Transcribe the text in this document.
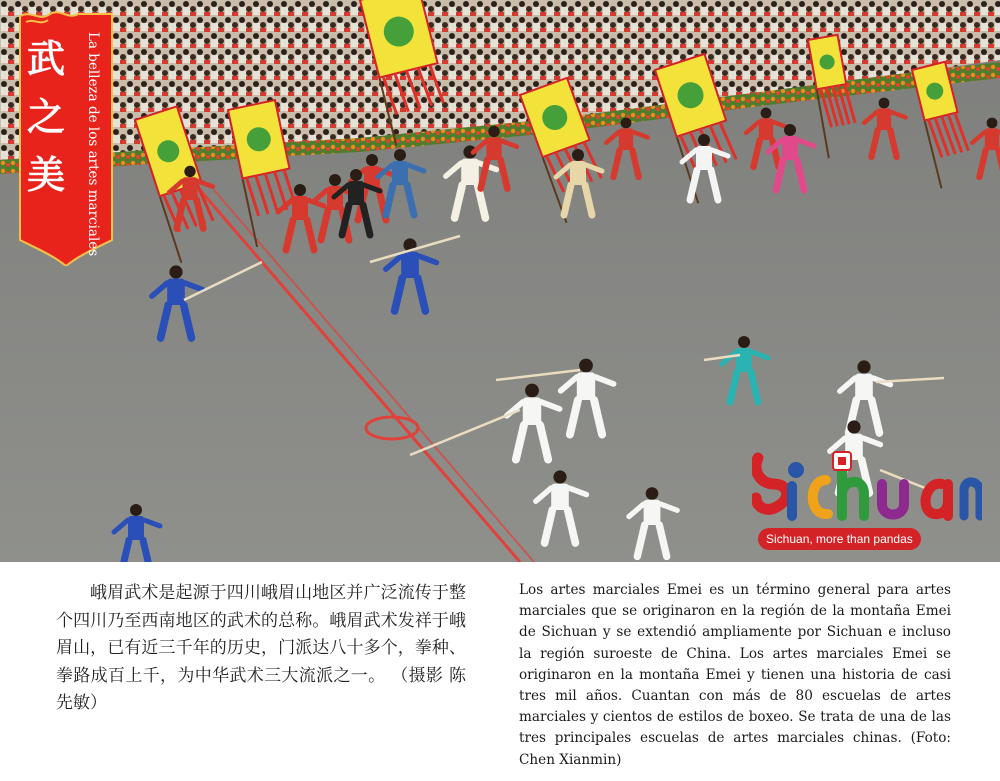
武
之
美	La belleza de los artes marciales
Sichuan, more than pandas

峨眉武术是起源于四川峨眉山地区并广泛流传于整个四川乃至西南地区的武术的总称。峨眉武术发祥于峨眉山，已有近三千年的历史，门派达八十多个，拳种、拳路成百上千，为中华武术三大流派之一。 （摄影 陈先敏）

Los artes marciales Emei es un término general para artes marciales que se originaron en la región de la montaña Emei de Sichuan y se extendió ampliamente por Sichuan e incluso la región suroeste de China. Los artes marciales Emei se originaron en la montaña Emei y tienen una historia de casi tres mil años. Cuantan con más de 80 escuelas de artes marciales y cientos de estilos de boxeo. Se trata de una de las tres principales escuelas de artes marciales chinas. (Foto: Chen Xianmin)
